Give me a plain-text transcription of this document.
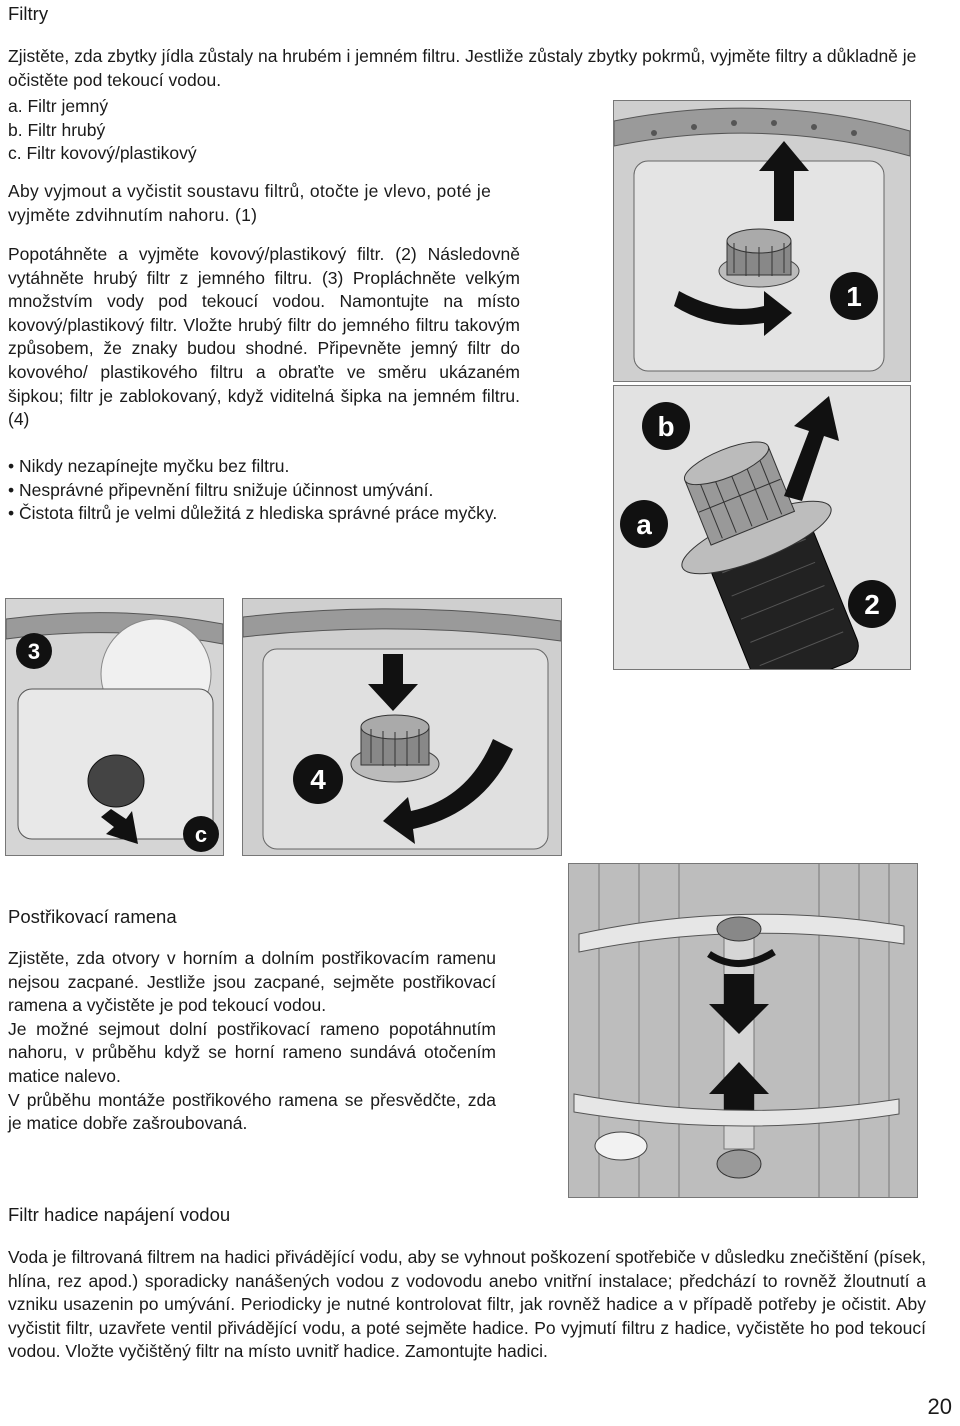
Filtry

Zjistěte, zda zbytky jídla zůstaly na hrubém i jemném filtru. Jestliže zůstaly zbytky pokrmů, vyjměte filtry a důkladně je očistěte pod tekoucí vodou.

a. Filtr jemný
b. Filtr hrubý
c. Filtr kovový/plastikový

Aby vyjmout a vyčistit soustavu filtrů, otočte je vlevo, poté je vyjměte zdvihnutím nahoru. (1)

Popotáhněte a vyjměte kovový/plastikový filtr. (2) Následovně vytáhněte hrubý filtr z jemného filtru. (3) Propláchněte velkým množstvím vody pod tekoucí vodou. Namontujte na místo kovový/plastikový filtr. Vložte hrubý filtr do jemného filtru takovým způsobem, že znaky budou shodné. Připevněte jemný filtr do kovového/ plastikového filtru a obraťte ve směru ukázaném šipkou; filtr je zablokovaný, když viditelná šipka na jemném filtru. (4)
• Nikdy nezapínejte myčku bez filtru.
• Nesprávné připevnění filtru snižuje účinnost umývání.
• Čistota filtrů je velmi důležitá z hlediska správné práce myčky.
1
b
a
2
3
c
4
Postřikovací ramena
Zjistěte, zda otvory v horním a dolním postřikovacím ramenu nejsou zacpané. Jestliže jsou zacpané, sejměte postřikovací ramena a vyčistěte je pod tekoucí vodou.
Je možné sejmout dolní postřikovací rameno popotáhnutím nahoru, v průběhu když se horní rameno sundává otočením matice nalevo.
V průběhu montáže postřikového ramena se přesvědčte, zda je matice dobře zašroubovaná.
Filtr hadice napájení vodou

Voda je filtrovaná filtrem na hadici přivádějící vodu, aby se vyhnout poškození spotřebiče v důsledku znečištění (písek, hlína, rez apod.) sporadicky nanášených vodou z vodovodu anebo vnitřní instalace; předchází to rovněž žloutnutí a vzniku usazenin po umývání. Periodicky je nutné kontrolovat filtr, jak rovněž hadice a v případě potřeby je očistit. Aby vyčistit filtr, uzavřete ventil přivádějící vodu, a poté sejměte hadice. Po vyjmutí filtru z hadice, vyčistěte ho pod tekoucí vodou. Vložte vyčištěný filtr na místo uvnitř hadice. Zamontujte hadici.

20
